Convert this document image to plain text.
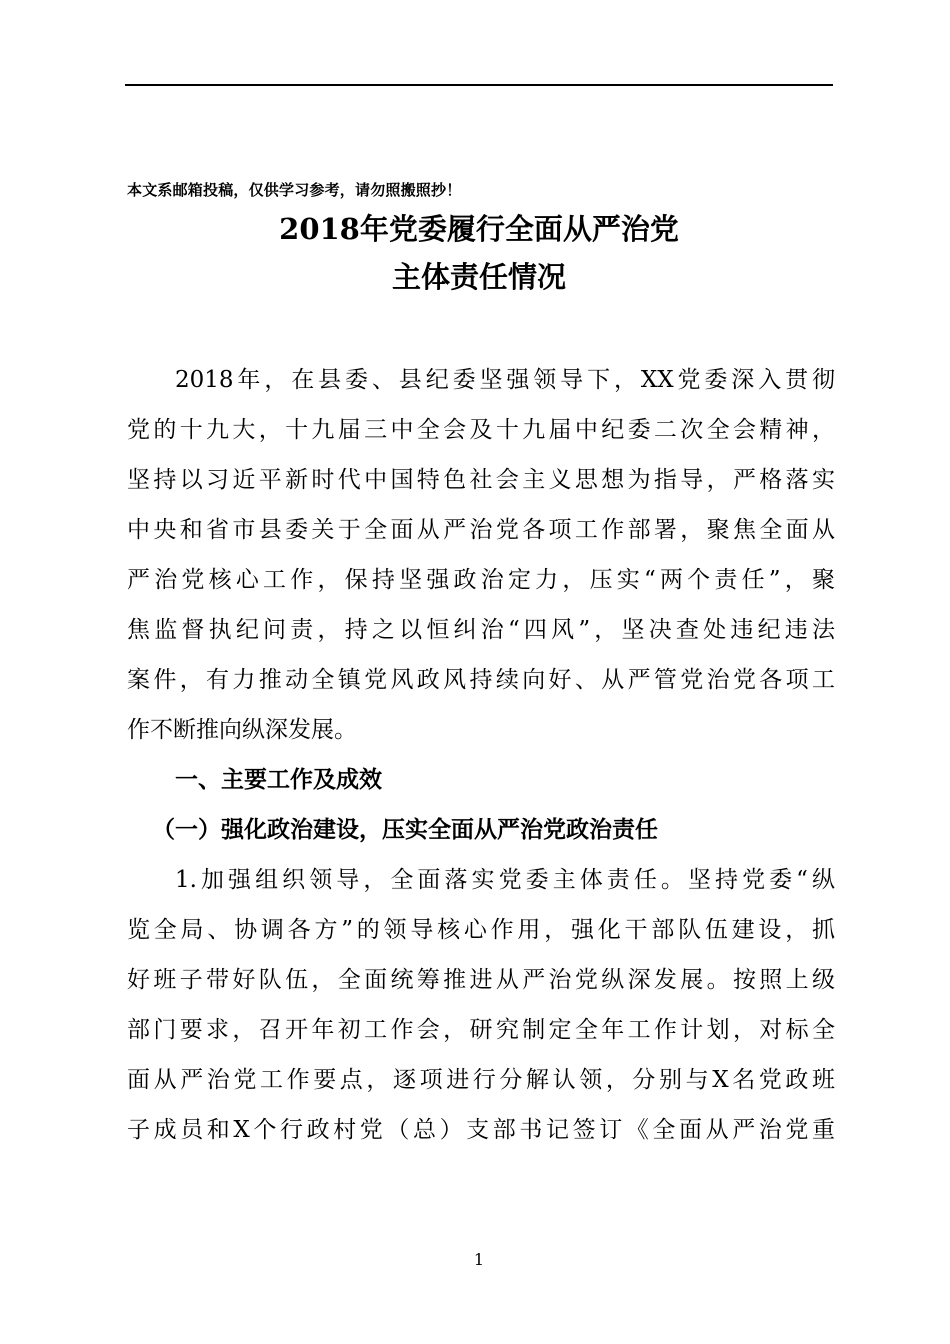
本文系邮箱投稿，仅供学习参考，请勿照搬照抄！
2018年党委履行全面从严治党
主体责任情况

2018年，在县委、县纪委坚强领导下，XX党委深入贯彻

党的十九大，十九届三中全会及十九届中纪委二次全会精神，

坚持以习近平新时代中国特色社会主义思想为指导，严格落实

中央和省市县委关于全面从严治党各项工作部署，聚焦全面从

严治党核心工作，保持坚强政治定力，压实“两个责任”，聚

焦监督执纪问责，持之以恒纠治“四风”，坚决查处违纪违法

案件，有力推动全镇党风政风持续向好、从严管党治党各项工

作不断推向纵深发展。

一、主要工作及成效
（一）强化政治建设，压实全面从严治党政治责任

1.加强组织领导，全面落实党委主体责任。坚持党委“纵

览全局、协调各方”的领导核心作用，强化干部队伍建设，抓

好班子带好队伍，全面统筹推进从严治党纵深发展。按照上级

部门要求，召开年初工作会，研究制定全年工作计划，对标全

面从严治党工作要点，逐项进行分解认领，分别与X名党政班

子成员和X个行政村党（总）支部书记签订《全面从严治党重

1
